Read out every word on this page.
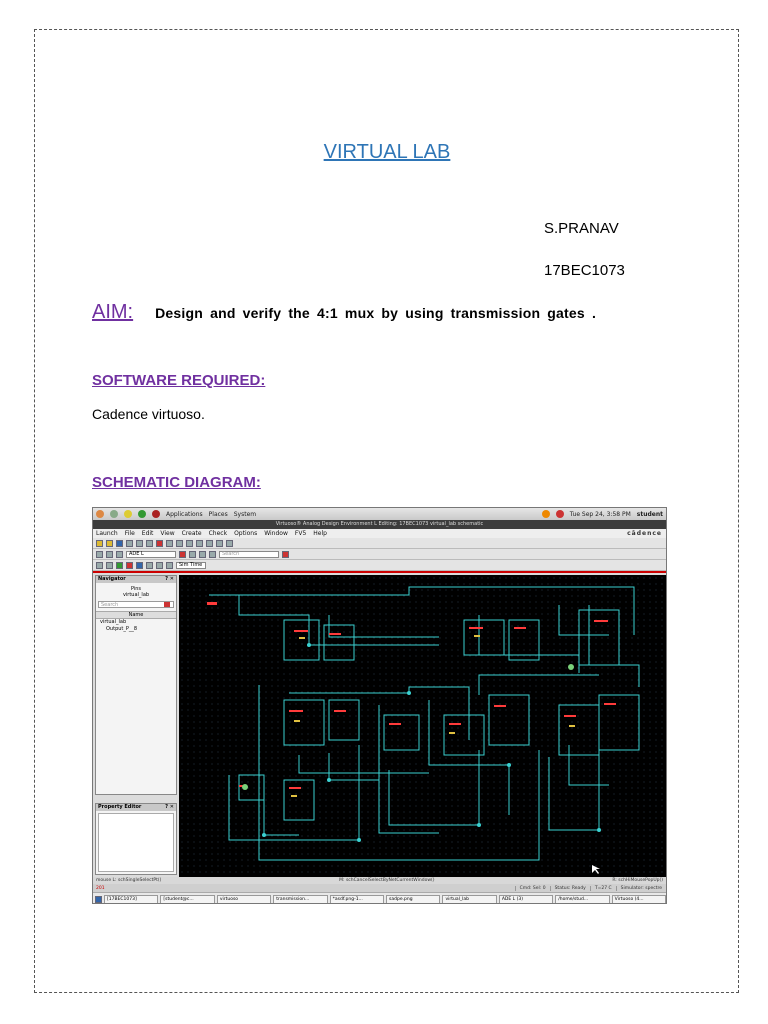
VIRTUAL LAB
S.PRANAV
17BEC1073
AIM: Design and verify the 4:1 mux by using transmission gates .
SOFTWARE REQUIRED:
Cadence virtuoso.
SCHEMATIC DIAGRAM:
Applications Places System	Tue Sep 24, 3:58 PM student
Virtuoso® Analog Design Environment L Editing: 17BEC1073 virtual_lab schematic
Launch File Edit View Create Check Options Window FV5 Help	cādence
ADE L	Search
Sim Time
Navigator	? ✕
Pins
virtual_lab
Search
Name
virtual_lab
Output_P__8
Property Editor	? ✕
mouse L: schSingleSelectPt()	M: schCancelSelectByNetCurrentWindow()	R: schHiMousePopUp()
201	Cmd: Sel: 0	Status: Ready	T=27 C	Simulator: spectre
[17BEC1073]	[student@c...	virtuoso	transmission...	*asdf.png-1...	sadpe.png	virtual_lab	ADE L (3)	/home/stud...	Virtuoso (4...
